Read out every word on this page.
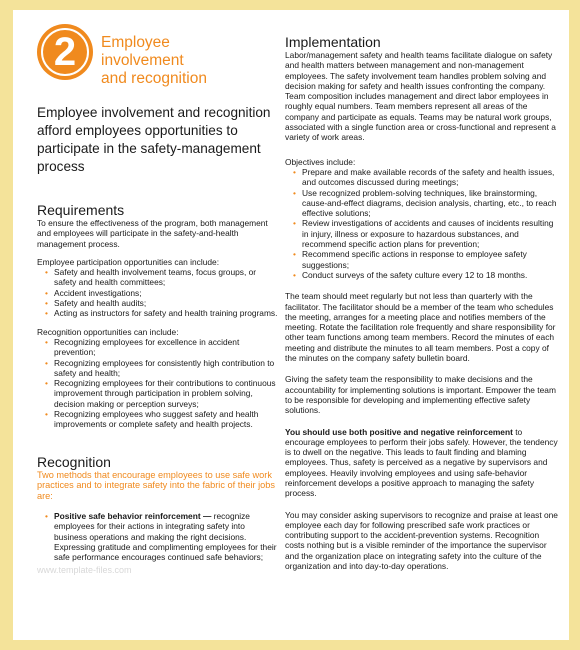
2	Employee
involvement
and recognition

Employee involvement and recognition afford employees opportunities to participate in the safety-management process

Requirements

To ensure the effectiveness of the program, both management and employees will participate in the safety-and-health management process.

Employee participation opportunities can include:

• Safety and health involvement teams, focus groups, or safety and health committees;
• Accident investigations;
• Safety and health audits;
• Acting as instructors for safety and health training programs.

Recognition opportunities can include:

• Recognizing employees for excellence in accident prevention;
• Recognizing employees for consistently high contribution to safety and health;
• Recognizing employees for their contributions to continuous improvement through participation in problem solving, decision making or perception surveys;
• Recognizing employees who suggest safety and health improvements or complete safety and health projects.
Recognition

Two methods that encourage employees to use safe work practices and to integrate safety into the fabric of their jobs are:

• Positive safe behavior reinforcement — recognize employees for their actions in integrating safety into business operations and making the right decisions. Expressing gratitude and complimenting employees for their safe performance encourages continued safe behaviors;
www.template-files.com
Implementation

Labor/management safety and health teams facilitate dialogue on safety and health matters between management and non-management employees. The safety involvement team handles problem solving and decision making for safety and health issues confronting the company. Team composition includes management and direct labor employees in roughly equal numbers. Team members represent all areas of the company and participate as equals. Teams may be natural work groups, associated with a single function area or cross-functional and represent a variety of work areas.

Objectives include:

• Prepare and make available records of the safety and health issues, and outcomes discussed during meetings;
• Use recognized problem-solving techniques, like brainstorming, cause-and-effect diagrams, decision analysis, charting, etc., to reach effective solutions;
• Review investigations of accidents and causes of incidents resulting in injury, illness or exposure to hazardous substances, and recommend specific action plans for prevention;
• Recommend specific actions in response to employee safety suggestions;
• Conduct surveys of the safety culture every 12 to 18 months.

The team should meet regularly but not less than quarterly with the facilitator. The facilitator should be a member of the team who schedules the meeting, arranges for a meeting place and notifies members of the meeting. Rotate the facilitation role frequently and share responsibility for other team functions among team members. Record the minutes of each meeting and distribute the minutes to all team members. Post a copy of the minutes on the company safety bulletin board.

Giving the safety team the responsibility to make decisions and the accountability for implementing solutions is important. Empower the team to be responsible for developing and implementing effective safety solutions.

You should use both positive and negative reinforcement to encourage employees to perform their jobs safely. However, the tendency is to dwell on the negative. This leads to fault finding and blaming employees. Thus, safety is perceived as a negative by supervisors and employees. Heavily involving employees and using safe-behavior reinforcement develops a positive approach to managing the safety process.

You may consider asking supervisors to recognize and praise at least one employee each day for following prescribed safe work practices or contributing support to the accident-prevention systems. Recognition costs nothing but is a visible reminder of the importance the supervisor and the organization place on integrating safety into the culture of the organization and into day-to-day operations.
